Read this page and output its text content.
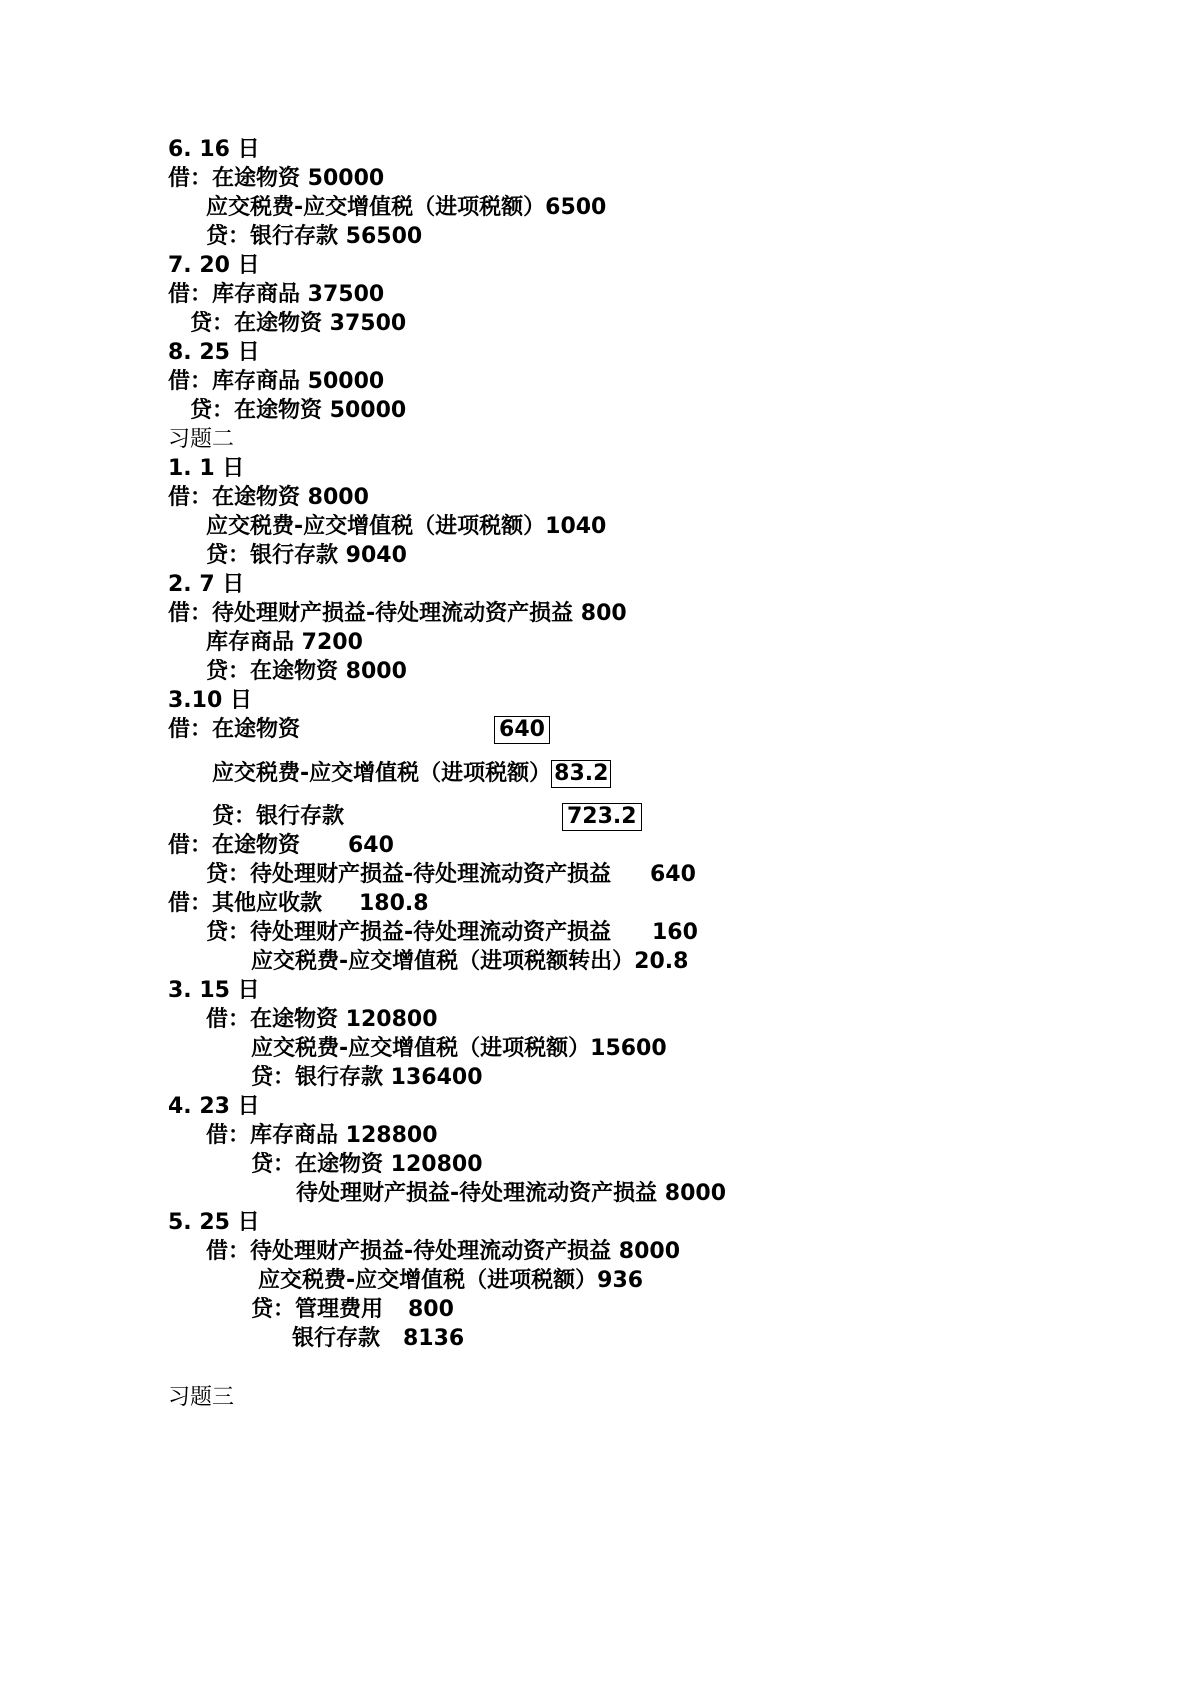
6. 16 日
借：在途物资 50000
应交税费-应交增值税（进项税额）6500
贷：银行存款 56500
7. 20 日
借：库存商品 37500
贷：在途物资 37500
8. 25 日
借：库存商品 50000
贷：在途物资 50000
习题二
1. 1 日
借：在途物资 8000
应交税费-应交增值税（进项税额）1040
贷：银行存款 9040
2. 7 日
借：待处理财产损益-待处理流动资产损益 800
库存商品 7200
贷：在途物资 8000
3.10 日
借：在途物资	640
应交税费-应交增值税（进项税额） 83.2
贷：银行存款	723.2
借：在途物资 640
贷：待处理财产损益-待处理流动资产损益 640
借：其他应收款 180.8
贷：待处理财产损益-待处理流动资产损益 160
应交税费-应交增值税（进项税额转出）20.8
3. 15 日
借：在途物资 120800
应交税费-应交增值税（进项税额）15600
贷：银行存款 136400
4. 23 日
借：库存商品 128800
贷：在途物资 120800
待处理财产损益-待处理流动资产损益 8000
5. 25 日
借：待处理财产损益-待处理流动资产损益 8000
应交税费-应交增值税（进项税额）936
贷：管理费用 800
银行存款 8136
习题三
